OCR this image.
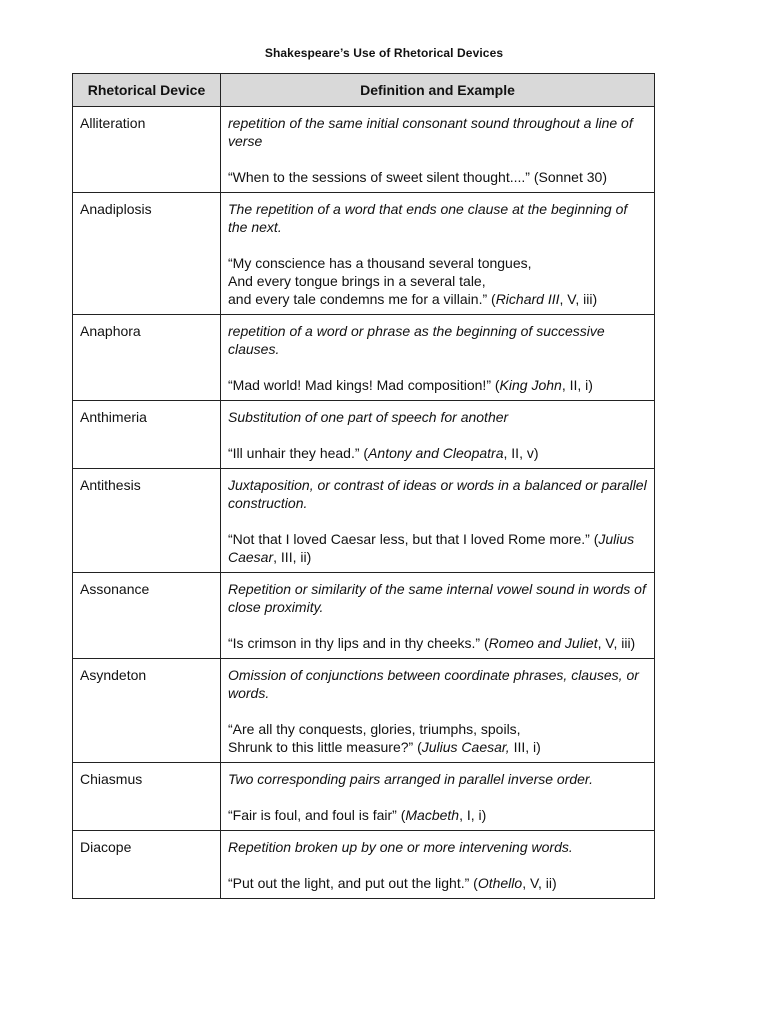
Shakespeare’s Use of Rhetorical Devices
Rhetorical Device	Definition and Example
Alliteration	repetition of the same initial consonant sound throughout a line of verse
“When to the sessions of sweet silent thought....” (Sonnet 30)

Anadiplosis	The repetition of a word that ends one clause at the beginning of the next.
“My conscience has a thousand several tongues,
And every tongue brings in a several tale,
and every tale condemns me for a villain.” (Richard III, V, iii)

Anaphora	repetition of a word or phrase as the beginning of successive clauses.
“Mad world! Mad kings! Mad composition!” (King John, II, i)

Anthimeria	Substitution of one part of speech for another
“Ill unhair they head.” (Antony and Cleopatra, II, v)

Antithesis	Juxtaposition, or contrast of ideas or words in a balanced or parallel construction.
“Not that I loved Caesar less, but that I loved Rome more.” (Julius Caesar, III, ii)

Assonance	Repetition or similarity of the same internal vowel sound in words of close proximity.
“Is crimson in thy lips and in thy cheeks.” (Romeo and Juliet, V, iii)

Asyndeton	Omission of conjunctions between coordinate phrases, clauses, or words.
“Are all thy conquests, glories, triumphs, spoils,
Shrunk to this little measure?” (Julius Caesar, III, i)

Chiasmus	Two corresponding pairs arranged in parallel inverse order.
“Fair is foul, and foul is fair” (Macbeth, I, i)

Diacope	Repetition broken up by one or more intervening words.
“Put out the light, and put out the light.” (Othello, V, ii)
